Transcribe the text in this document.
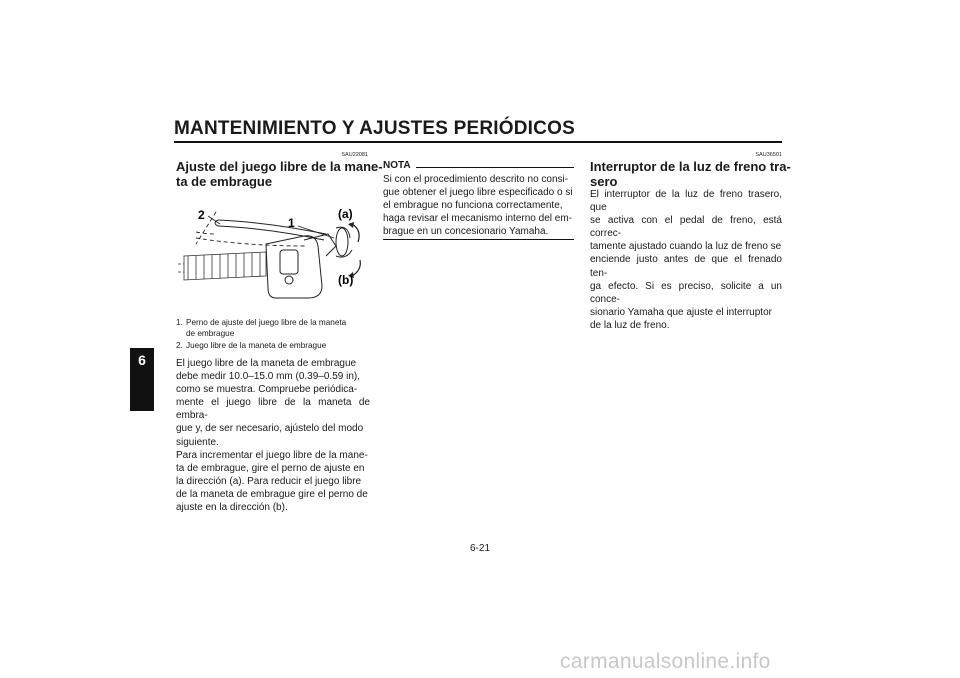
MANTENIMIENTO Y AJUSTES PERIÓDICOS
6
SAU22081
Ajuste del juego libre de la mane-
ta de embrague
1
2	(a)
(b)
1. Perno de ajuste del juego libre de la maneta
de embrague
2. Juego libre de la maneta de embrague

El juego libre de la maneta de embrague
debe medir 10.0–15.0 mm (0.39–0.59 in),
como se muestra. Compruebe periódica-
mente el juego libre de la maneta de embra-
gue y, de ser necesario, ajústelo del modo
siguiente.

Para incrementar el juego libre de la mane-
ta de embrague, gire el perno de ajuste en
la dirección (a). Para reducir el juego libre
de la maneta de embrague gire el perno de
ajuste en la dirección (b).

NOTA
Si con el procedimiento descrito no consi-
gue obtener el juego libre especificado o si
el embrague no funciona correctamente,
haga revisar el mecanismo interno del em-
brague en un concesionario Yamaha.
SAU36501
Interruptor de la luz de freno tra-
sero
El interruptor de la luz de freno trasero, que
se activa con el pedal de freno, está correc-
tamente ajustado cuando la luz de freno se
enciende justo antes de que el frenado ten-
ga efecto. Si es preciso, solicite a un conce-
sionario Yamaha que ajuste el interruptor
de la luz de freno.
6-21
carmanualsonline.info
